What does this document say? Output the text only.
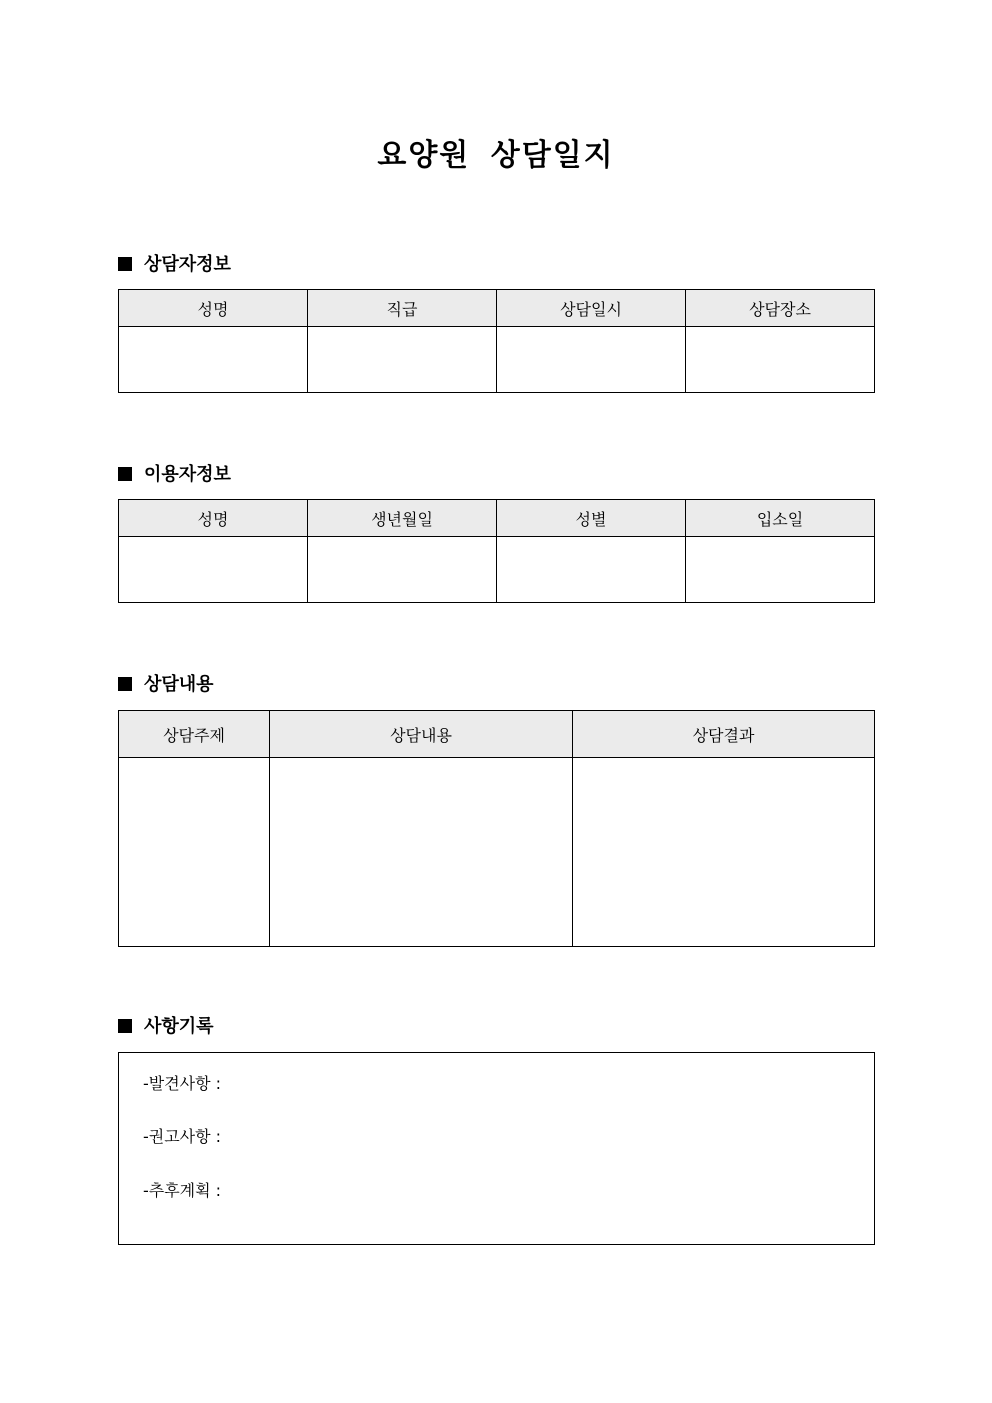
요양원 상담일지
상담자정보
성명	직급	상담일시	상담장소

이용자정보
성명	생년월일	성별	입소일

상담내용
상담주제	상담내용	상담결과

사항기록
-발견사항 :
-권고사항 :
-추후계획 :
